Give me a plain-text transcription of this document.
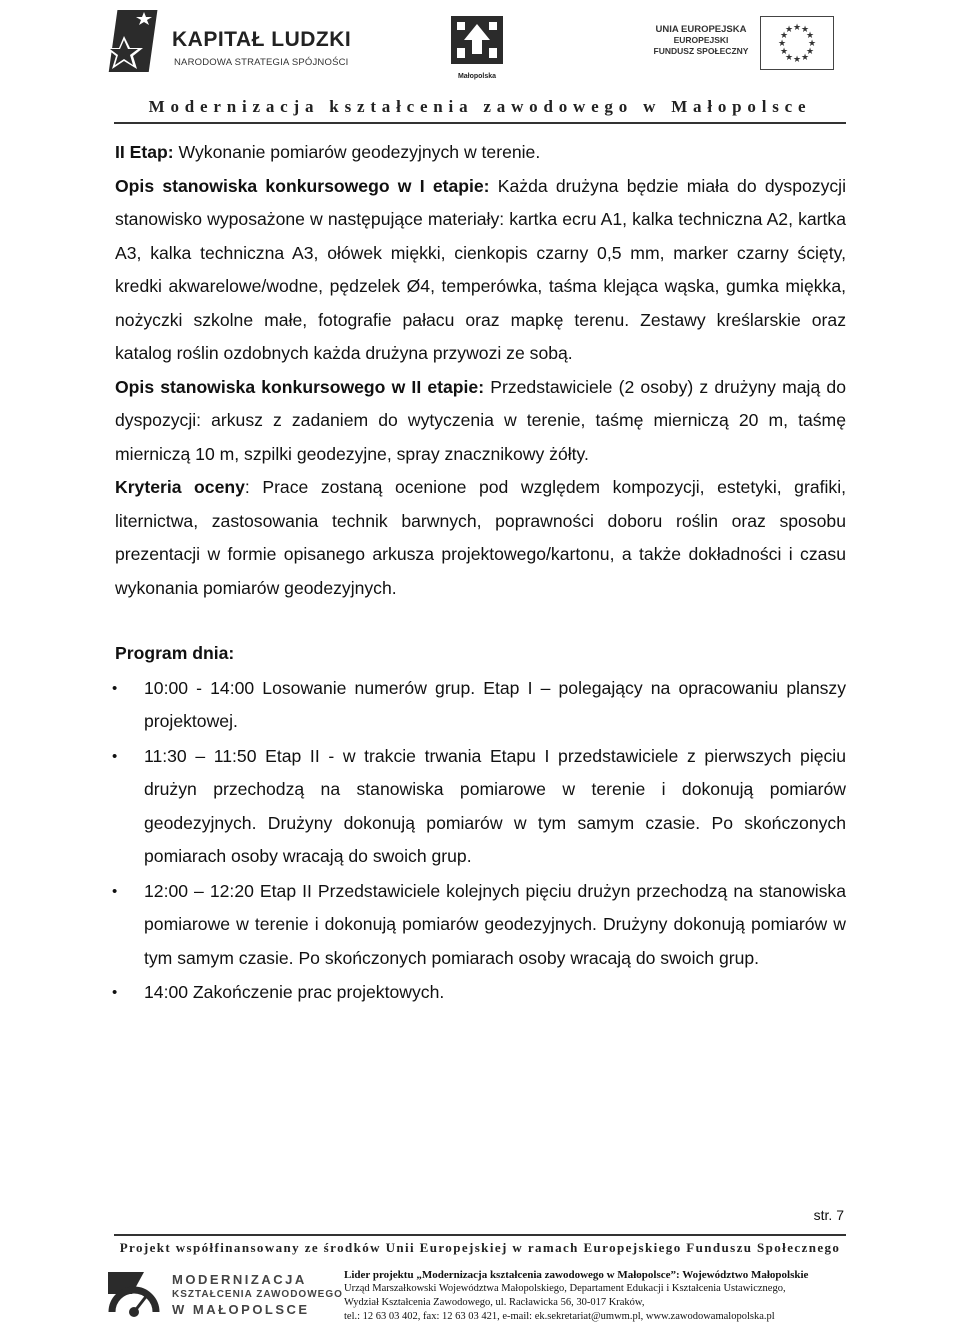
KAPITAŁ LUDZKI
NARODOWA STRATEGIA SPÓJNOŚCI
Małopolska
UNIA EUROPEJSKA
EUROPEJSKI
FUNDUSZ SPOŁECZNY
★ ★
★
★
★
★
★
★
★
★
★
★
Modernizacja kształcenia zawodowego w Małopolsce

II Etap: Wykonanie pomiarów geodezyjnych w terenie.

Opis stanowiska konkursowego w I etapie: Każda drużyna będzie miała do dyspozycji stanowisko wyposażone w następujące materiały: kartka ecru A1, kalka techniczna A2, kartka A3, kalka techniczna A3, ołówek miękki, cienkopis czarny 0,5 mm, marker czarny ścięty, kredki akwarelowe/wodne, pędzelek Ø4, temperówka, taśma klejąca wąska, gumka miękka, nożyczki szkolne małe, fotografie pałacu oraz mapkę terenu. Zestawy kreślarskie oraz katalog roślin ozdobnych każda drużyna przywozi ze sobą.

Opis stanowiska konkursowego w II etapie: Przedstawiciele (2 osoby) z drużyny mają do dyspozycji: arkusz z zadaniem do wytyczenia w terenie, taśmę mierniczą 20 m, taśmę mierniczą 10 m, szpilki geodezyjne, spray znacznikowy żółty.

Kryteria oceny: Prace zostaną ocenione pod względem kompozycji, estetyki, grafiki, liternictwa, zastosowania technik barwnych, poprawności doboru roślin oraz sposobu prezentacji w formie opisanego arkusza projektowego/kartonu, a także dokładności i czasu wykonania pomiarów geodezyjnych.

Program dnia:

• 10:00 - 14:00 Losowanie numerów grup. Etap I – polegający na opracowaniu planszy projektowej.
• 11:30 – 11:50 Etap II - w trakcie trwania Etapu I przedstawiciele z pierwszych pięciu drużyn przechodzą na stanowiska pomiarowe w terenie i dokonują pomiarów geodezyjnych. Drużyny dokonują pomiarów w tym samym czasie. Po skończonych pomiarach osoby wracają do swoich grup.
• 12:00 – 12:20 Etap II Przedstawiciele kolejnych pięciu drużyn przechodzą na stanowiska pomiarowe w terenie i dokonują pomiarów geodezyjnych. Drużyny dokonują pomiarów w tym samym czasie. Po skończonych pomiarach osoby wracają do swoich grup.
• 14:00 Zakończenie prac projektowych.
str. 7
Projekt współfinansowany ze środków Unii Europejskiej w ramach Europejskiego Funduszu Społecznego
MODERNIZACJA
KSZTAŁCENIA ZAWODOWEGO
W MAŁOPOLSCE
Lider projektu „Modernizacja kształcenia zawodowego w Małopolsce”: Województwo Małopolskie
Urząd Marszałkowski Województwa Małopolskiego, Departament Edukacji i Kształcenia Ustawicznego,
Wydział Kształcenia Zawodowego, ul. Racławicka 56, 30-017 Kraków,
tel.: 12 63 03 402, fax: 12 63 03 421, e-mail: ek.sekretariat@umwm.pl, www.zawodowamalopolska.pl
